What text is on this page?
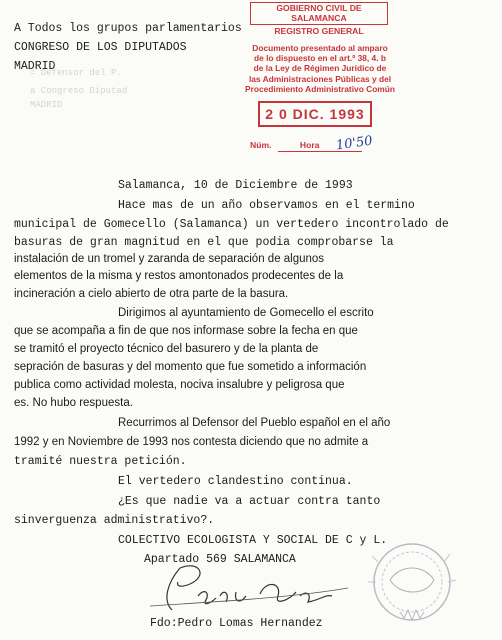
= Defensor del P.
a Congreso Diputad
MADRID
A Todos los grupos parlamentarios
CONGRESO DE LOS DIPUTADOS
MADRID
GOBIERNO CIVIL DE SALAMANCA
REGISTRO GENERAL
Documento presentado al amparo
de lo dispuesto en el art.º 38, 4. b
de la Ley de Régimen Jurídico de
las Administraciones Públicas y del
Procedimiento Administrativo Común
2 0 DIC. 1993
Núm.	Hora	10'50
Salamanca, 10 de Diciembre de 1993
Hace mas de un año observamos en el termino
municipal de Gomecello (Salamanca) un vertedero incontrolado de
basuras de gran magnitud en el que podia comprobarse la
instalación de un tromel y zaranda de separación de algunos
elementos de la misma y restos amontonados prodecentes de la
incineración a cielo abierto de otra parte de la basura.
Dirigimos al ayuntamiento de Gomecello el escrito
que se acompaña a fin de que nos informase sobre la fecha en que
se tramitó el proyecto técnico del basurero y de la planta de
sepración de basuras y del momento que fue sometido a información
publica como actividad molesta, nociva insalubre y peligrosa que
es. No hubo respuesta.
Recurrimos al Defensor del Pueblo español en el año
1992 y en Noviembre de 1993 nos contesta diciendo que no admite a
tramité nuestra petición.
El vertedero clandestino continua.
¿Es que nadie va a actuar contra tanto
sinverguenza administrativo?.
COLECTIVO ECOLOGISTA Y SOCIAL DE C y L.
Apartado 569 SALAMANCA
Fdo:Pedro Lomas Hernandez
